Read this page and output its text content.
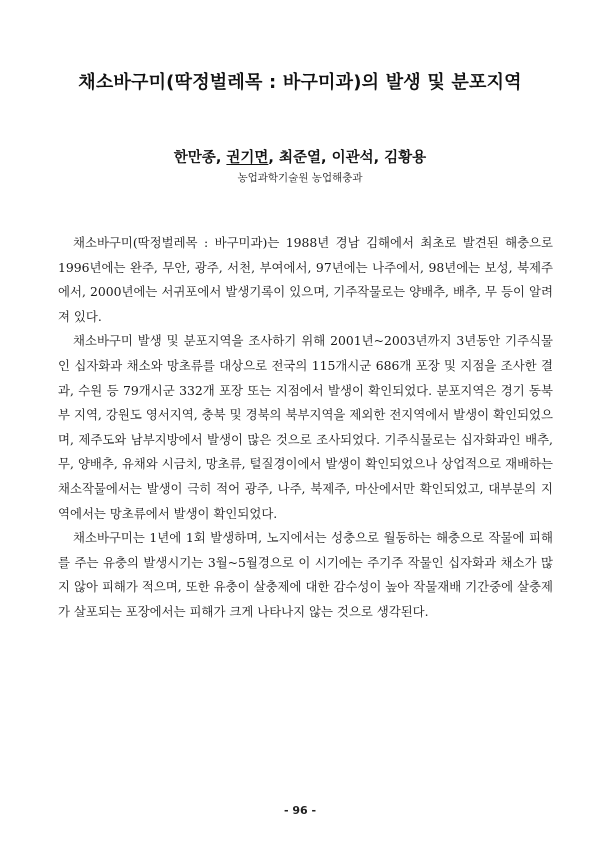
채소바구미(딱정벌레목 : 바구미과)의 발생 및 분포지역
한만종, 권기면, 최준열, 이관석, 김황용
농업과학기술원 농업해충과

채소바구미(딱정벌레목 : 바구미과)는 1988년 경남 김해에서 최초로 발견된 해충으로 1996년에는 완주, 무안, 광주, 서천, 부여에서, 97년에는 나주에서, 98년에는 보성, 북제주에서, 2000년에는 서귀포에서 발생기록이 있으며, 기주작물로는 양배추, 배추, 무 등이 알려져 있다.

채소바구미 발생 및 분포지역을 조사하기 위해 2001년~2003년까지 3년동안 기주식물인 십자화과 채소와 망초류를 대상으로 전국의 115개시군 686개 포장 및 지점을 조사한 결과, 수원 등 79개시군 332개 포장 또는 지점에서 발생이 확인되었다. 분포지역은 경기 동북부 지역, 강원도 영서지역, 충북 및 경북의 북부지역을 제외한 전지역에서 발생이 확인되었으며, 제주도와 남부지방에서 발생이 많은 것으로 조사되었다. 기주식물로는 십자화과인 배추, 무, 양배추, 유채와 시금치, 망초류, 털질경이에서 발생이 확인되었으나 상업적으로 재배하는 채소작물에서는 발생이 극히 적어 광주, 나주, 북제주, 마산에서만 확인되었고, 대부분의 지역에서는 망초류에서 발생이 확인되었다.

채소바구미는 1년에 1회 발생하며, 노지에서는 성충으로 월동하는 해충으로 작물에 피해를 주는 유충의 발생시기는 3월~5월경으로 이 시기에는 주기주 작물인 십자화과 채소가 많지 않아 피해가 적으며, 또한 유충이 살충제에 대한 감수성이 높아 작물재배 기간중에 살충제가 살포되는 포장에서는 피해가 크게 나타나지 않는 것으로 생각된다.

- 96 -
